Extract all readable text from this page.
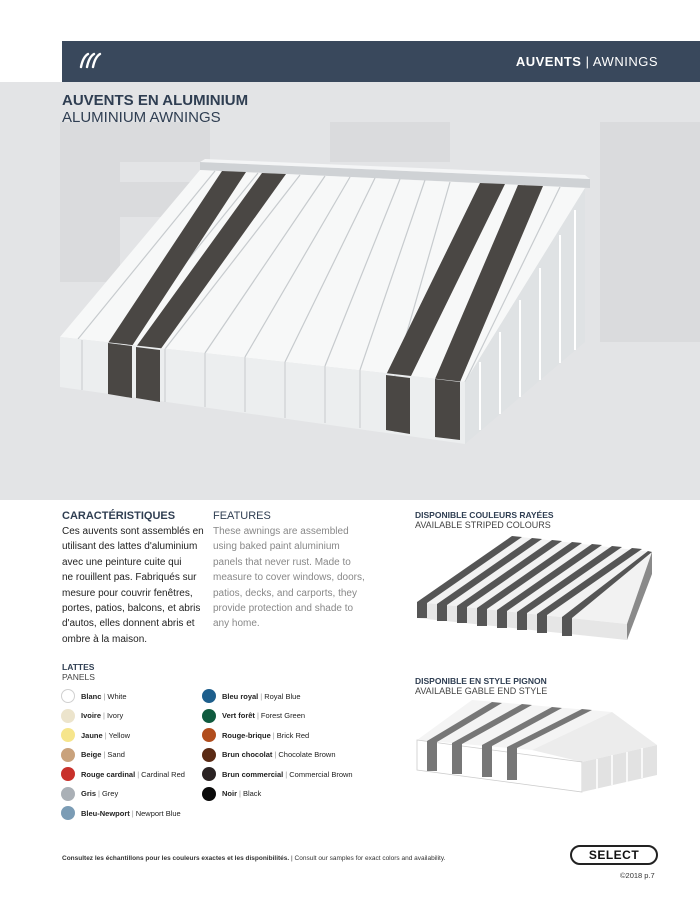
AUVENTS | AWNINGS
AUVENTS EN ALUMINIUM
ALUMINIUM AWNINGS
CARACTÉRISTIQUES	FEATURES
Ces auvents sont assemblés en
utilisant des lattes d'aluminium
avec une peinture cuite qui
ne rouillent pas. Fabriqués sur
mesure pour couvrir fenêtres,
portes, patios, balcons, et abris
d'autos, elles donnent abris et
ombre à la maison.
These awnings are assembled
using baked paint aluminium
panels that never rust. Made to
measure to cover windows, doors,
patios, decks, and carports, they
provide protection and shade to
any home.
DISPONIBLE COULEURS RAYÉES
AVAILABLE STRIPED COLOURS
DISPONIBLE EN STYLE PIGNON
AVAILABLE GABLE END STYLE
LATTES
PANELS
Blanc | White
Ivoire | Ivory
Jaune | Yellow
Beige | Sand
Rouge cardinal | Cardinal Red
Gris | Grey
Bleu-Newport | Newport Blue
Bleu royal | Royal Blue
Vert forêt | Forest Green
Rouge-brique | Brick Red
Brun chocolat | Chocolate Brown
Brun commercial | Commercial Brown
Noir | Black
Consultez les échantillons pour les couleurs exactes et les disponibilités. | Consult our samples for exact colors and availability.	SELECT
©2018 p.7
